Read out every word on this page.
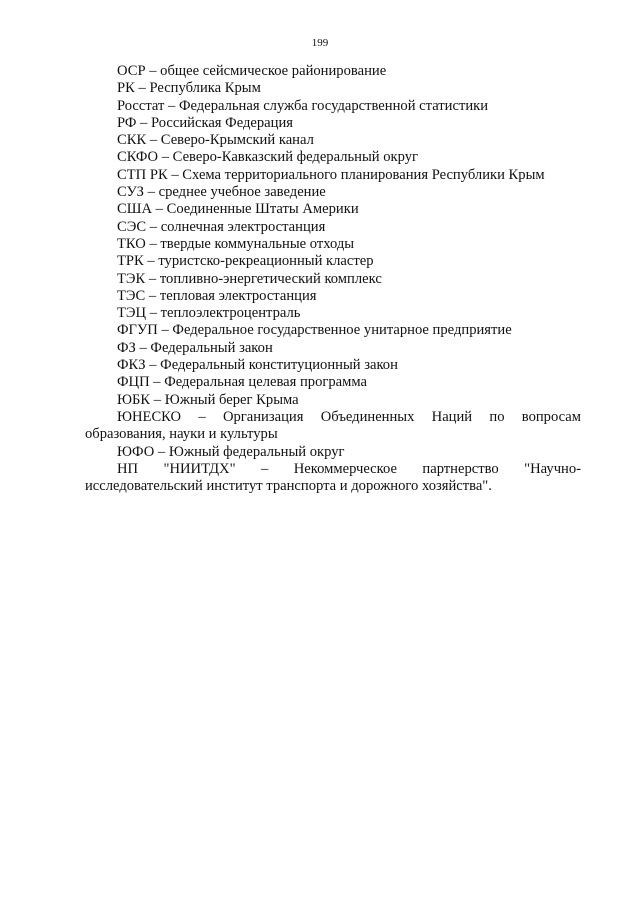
199
ОСР – общее сейсмическое районирование
РК – Республика Крым
Росстат – Федеральная служба государственной статистики
РФ – Российская Федерация
СКК – Северо-Крымский канал
СКФО – Северо-Кавказский федеральный округ
СТП РК – Схема территориального планирования Республики Крым
СУЗ – среднее учебное заведение
США – Соединенные Штаты Америки
СЭС – солнечная электростанция
ТКО – твердые коммунальные отходы
ТРК – туристско-рекреационный кластер
ТЭК – топливно-энергетический комплекс
ТЭС – тепловая электростанция
ТЭЦ – теплоэлектроцентраль
ФГУП – Федеральное государственное унитарное предприятие
ФЗ – Федеральный закон
ФКЗ – Федеральный конституционный закон
ФЦП – Федеральная целевая программа
ЮБК – Южный берег Крыма
ЮНЕСКО – Организация Объединенных Наций по вопросам образования, науки и культуры
ЮФО – Южный федеральный округ
НП "НИИТДХ" – Некоммерческое партнерство "Научно-исследовательский институт транспорта и дорожного хозяйства".
